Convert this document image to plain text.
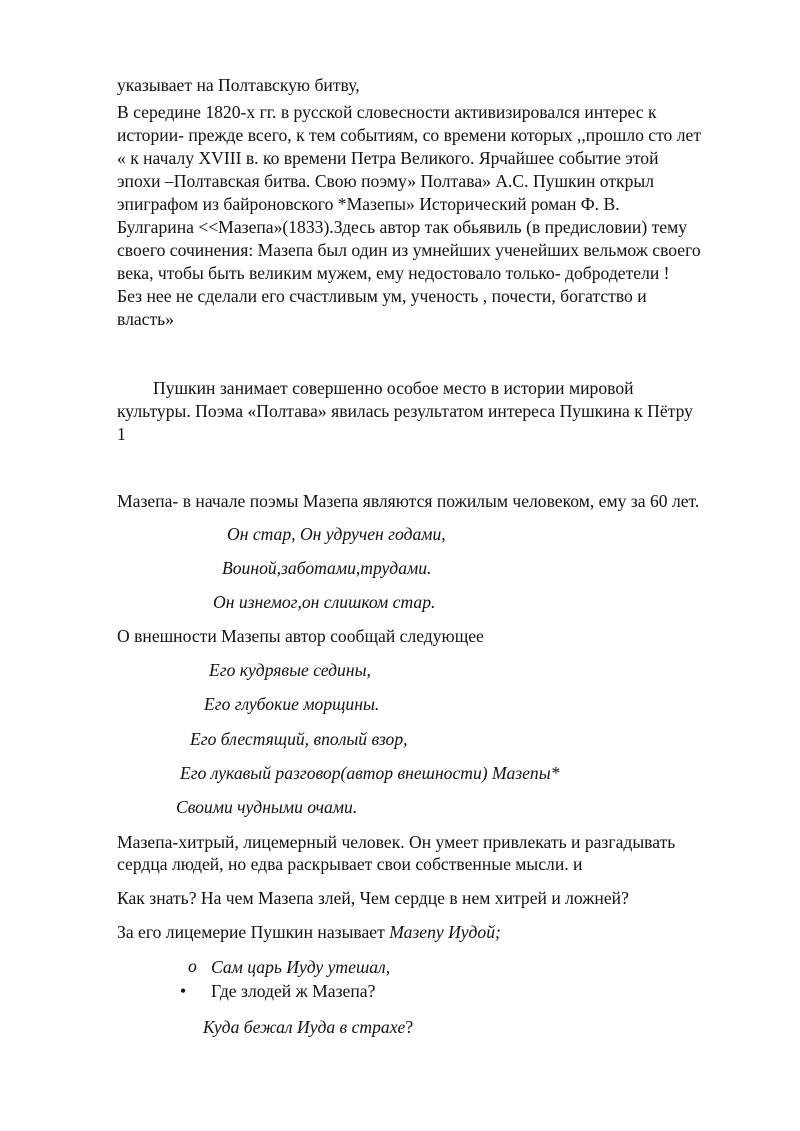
указывает на Полтавскую битву,
В середине 1820-х гг. в русской словесности активизировался интерес к
истории- прежде всего, к тем событиям, со времени которых ,,прошло сто лет
« к началу XVIII в. ко времени Петра Великого. Ярчайшее событие этой
эпохи –Полтавская битва. Свою поэму» Полтава» А.С. Пушкин открыл
эпиграфом из байроновского *Мазепы» Исторический роман Ф. В.
Булгарина <<Мазепа»(1833).Здесь автор так обьявиль (в предисловии) тему
своего сочинения: Мазепа был один из умнейших ученейших вельмож своего
века, чтобы быть великим мужем, ему недостовало только- добродетели !
Без нее не сделали его счастливым ум, ученость , почести, богатство и
власть»
Пушкин занимает совершенно особое место в истории мировой
культуры. Поэма «Полтава» явилась результатом интереса Пушкина к Пётру
1
Мазепа- в начале поэмы Мазепа являются пожилым человеком, ему за 60 лет.
Он стар, Он удручен годами,
Воиной,заботами,трудами.
Он изнемог,он слишком стар.
О внешности Мазепы автор сообщай следующее
Его кудрявые седины,
Его глубокие морщины.
Его блестящий, впoлый взор,
Его лукавый разговор(автор внешности) Мазепы*
Своими чудными очами.
Мазепа-хитрый, лицемерный человек. Он умеет привлекать и разгадывать
сердца людей, но едва раскрывает свои собственные мысли. и
Как знать? На чем Мазепа злей, Чем сердце в нем хитрей и ложней?
За его лицемерие Пушкин называет Мазепу Иудой;
o Сам царь Иуду утешал,
• Где злодей ж Мазепа?
Куда бежал Иуда в страхе?
